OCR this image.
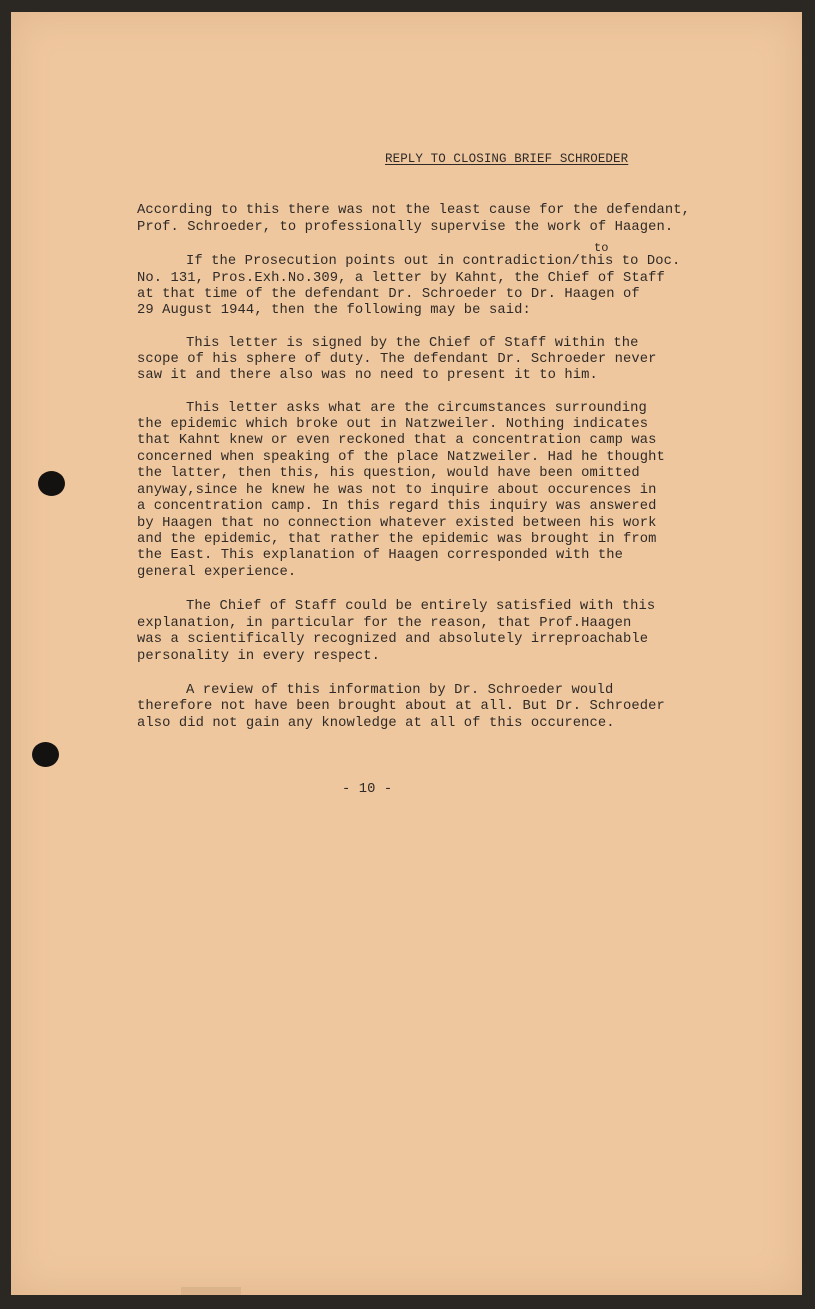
REPLY TO CLOSING BRIEF SCHROEDER
According to this there was not the least cause for the defendant,
Prof. Schroeder, to professionally supervise the work of Haagen.
to
If the Prosecution points out in contradiction/this to Doc.
No. 131, Pros.Exh.No.309, a letter by Kahnt, the Chief of Staff
at that time of the defendant Dr. Schroeder to Dr. Haagen of
29 August 1944, then the following may be said:
This letter is signed by the Chief of Staff within the
scope of his sphere of duty. The defendant Dr. Schroeder never
saw it and there also was no need to present it to him.
This letter asks what are the circumstances surrounding
the epidemic which broke out in Natzweiler. Nothing indicates
that Kahnt knew or even reckoned that a concentration camp was
concerned when speaking of the place Natzweiler. Had he thought
the latter, then this, his question, would have been omitted
anyway,since he knew he was not to inquire about occurences in
a concentration camp. In this regard this inquiry was answered
by Haagen that no connection whatever existed between his work
and the epidemic, that rather the epidemic was brought in from
the East. This explanation of Haagen corresponded with the
general experience.
The Chief of Staff could be entirely satisfied with this
explanation, in particular for the reason, that Prof.Haagen
was a scientifically recognized and absolutely irreproachable
personality in every respect.
A review of this information by Dr. Schroeder would
therefore not have been brought about at all. But Dr. Schroeder
also did not gain any knowledge at all of this occurence.
- 10 -
